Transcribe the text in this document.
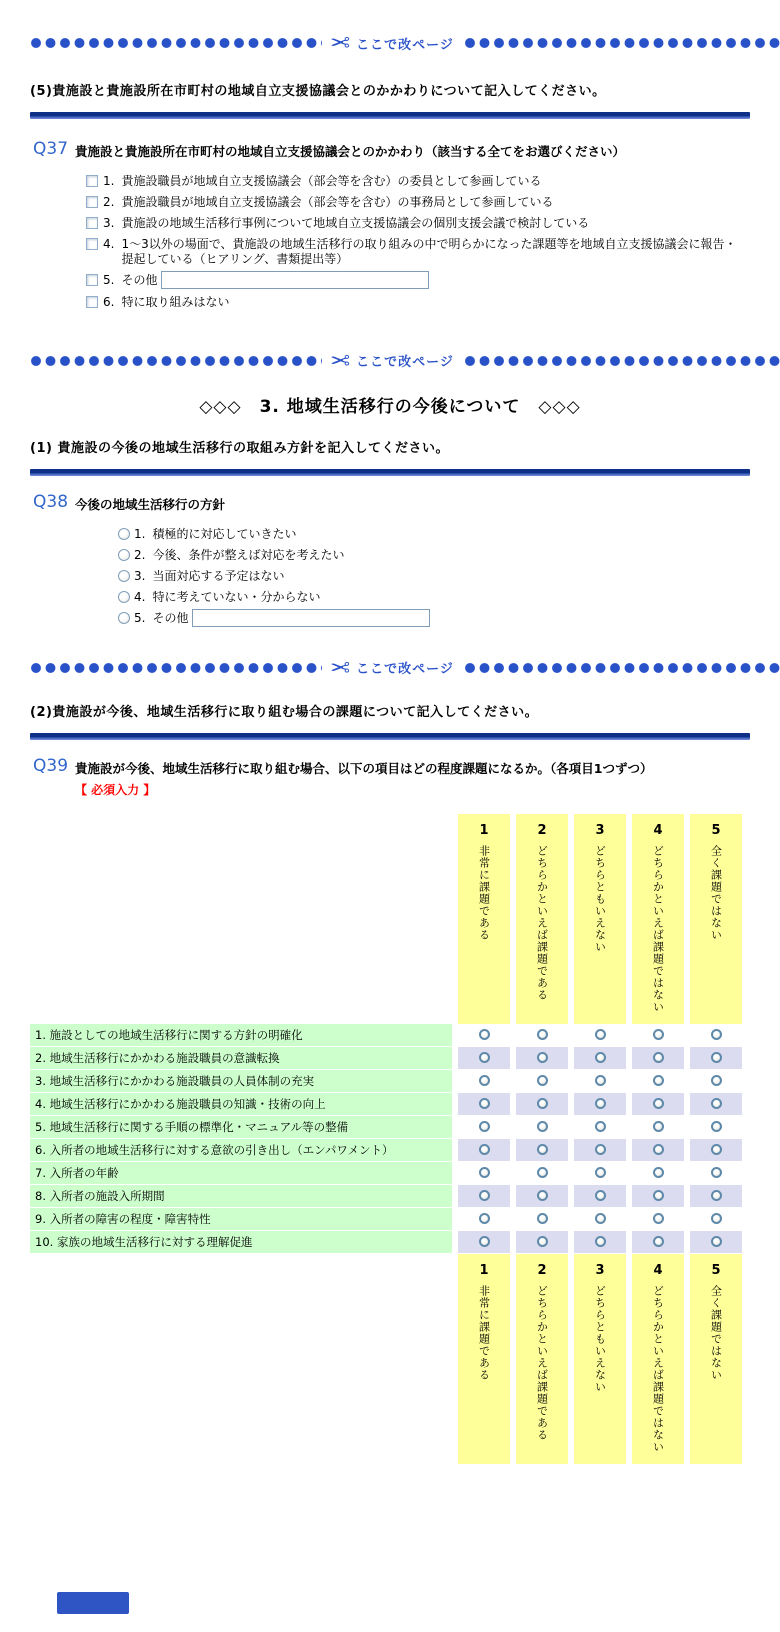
✂ ここで改ページ
(5)貴施設と貴施設所在市町村の地域自立支援協議会とのかかわりについて記入してください。
Q37 貴施設と貴施設所在市町村の地域自立支援協議会とのかかわり（該当する全てをお選びください）
1. 貴施設職員が地域自立支援協議会（部会等を含む）の委員として参画している
2. 貴施設職員が地域自立支援協議会（部会等を含む）の事務局として参画している
3. 貴施設の地域生活移行事例について地域自立支援協議会の個別支援会議で検討している
4. 1～3以外の場面で、貴施設の地域生活移行の取り組みの中で明らかになった課題等を地域自立支援協議会に報告・提起している（ヒアリング、書類提出等）
5. その他
6. 特に取り組みはない
✂ ここで改ページ
◇◇◇　3. 地域生活移行の今後について　◇◇◇
(1) 貴施設の今後の地域生活移行の取組み方針を記入してください。
Q38 今後の地域生活移行の方針
1. 積極的に対応していきたい
2. 今後、条件が整えば対応を考えたい
3. 当面対応する予定はない
4. 特に考えていない・分からない
5. その他
✂ ここで改ページ
(2)貴施設が今後、地域生活移行に取り組む場合の課題について記入してください。
Q39 貴施設が今後、地域生活移行に取り組む場合、以下の項目はどの程度課題になるか。（各項目1つずつ）
【 必須入力 】
1
非常に課題である
2
どちらかといえば課題である
3
どちらともいえない
4
どちらかといえば課題ではない
5
全く課題ではない
1. 施設としての地域生活移行に関する方針の明確化
2. 地域生活移行にかかわる施設職員の意識転換
3. 地域生活移行にかかわる施設職員の人員体制の充実
4. 地域生活移行にかかわる施設職員の知識・技術の向上
5. 地域生活移行に関する手順の標準化・マニュアル等の整備
6. 入所者の地域生活移行に対する意欲の引き出し（エンパワメント）
7. 入所者の年齢
8. 入所者の施設入所期間
9. 入所者の障害の程度・障害特性
10. 家族の地域生活移行に対する理解促進
1
非常に課題である
2
どちらかといえば課題である
3
どちらともいえない
4
どちらかといえば課題ではない
5
全く課題ではない
